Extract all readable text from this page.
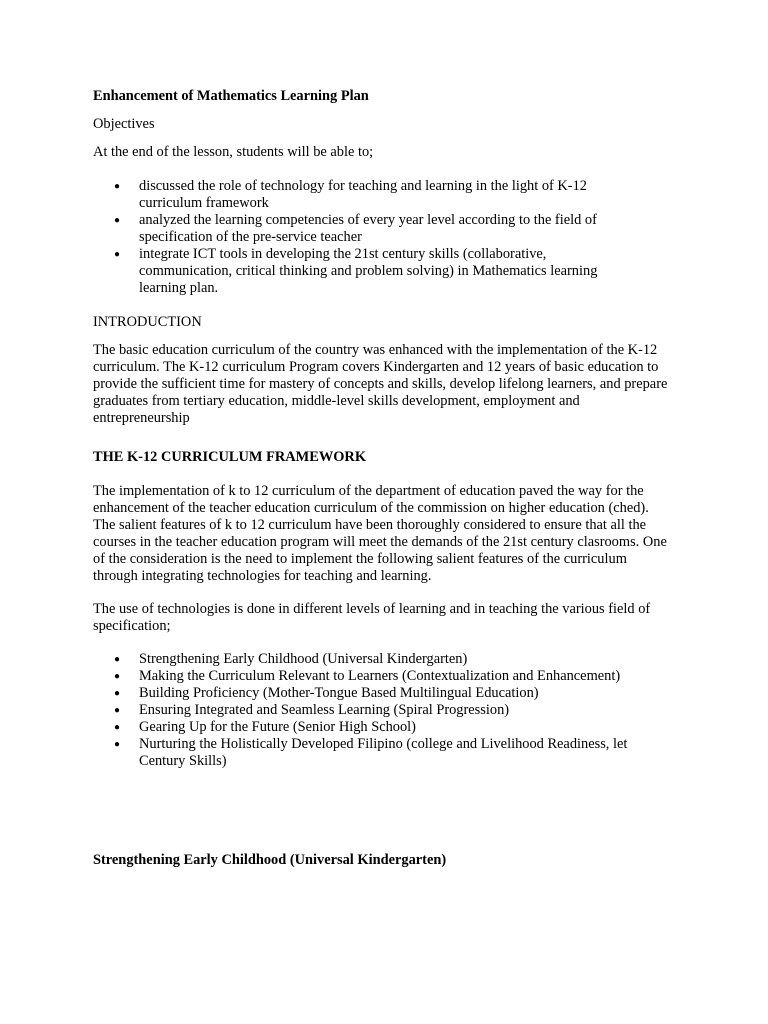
Enhancement of Mathematics Learning Plan

Objectives

At the end of the lesson, students will be able to;

● discussed the role of technology for teaching and learning in the light of K-12 curriculum framework
● analyzed the learning competencies of every year level according to the field of specification of the pre-service teacher
● integrate ICT tools in developing the 21st century skills (collaborative, communication, critical thinking and problem solving) in Mathematics learning learning plan.

INTRODUCTION

The basic education curriculum of the country was enhanced with the implementation of the K-12 curriculum. The K-12 curriculum Program covers Kindergarten and 12 years of basic education to provide the sufficient time for mastery of concepts and skills, develop lifelong learners, and prepare graduates from tertiary education, middle-level skills development, employment and entrepreneurship

THE K-12 CURRICULUM FRAMEWORK

The implementation of k to 12 curriculum of the department of education paved the way for the enhancement of the teacher education curriculum of the commission on higher education (ched). The salient features of k to 12 curriculum have been thoroughly considered to ensure that all the courses in the teacher education program will meet the demands of the 21st century clasrooms. One of the consideration is the need to implement the following salient features of the curriculum through integrating technologies for teaching and learning.

The use of technologies is done in different levels of learning and in teaching the various field of specification;

● Strengthening Early Childhood (Universal Kindergarten)
● Making the Curriculum Relevant to Learners (Contextualization and Enhancement)
● Building Proficiency (Mother-Tongue Based Multilingual Education)
● Ensuring Integrated and Seamless Learning (Spiral Progression)
● Gearing Up for the Future (Senior High School)
● Nurturing the Holistically Developed Filipino (college and Livelihood Readiness, let Century Skills)

Strengthening Early Childhood (Universal Kindergarten)
